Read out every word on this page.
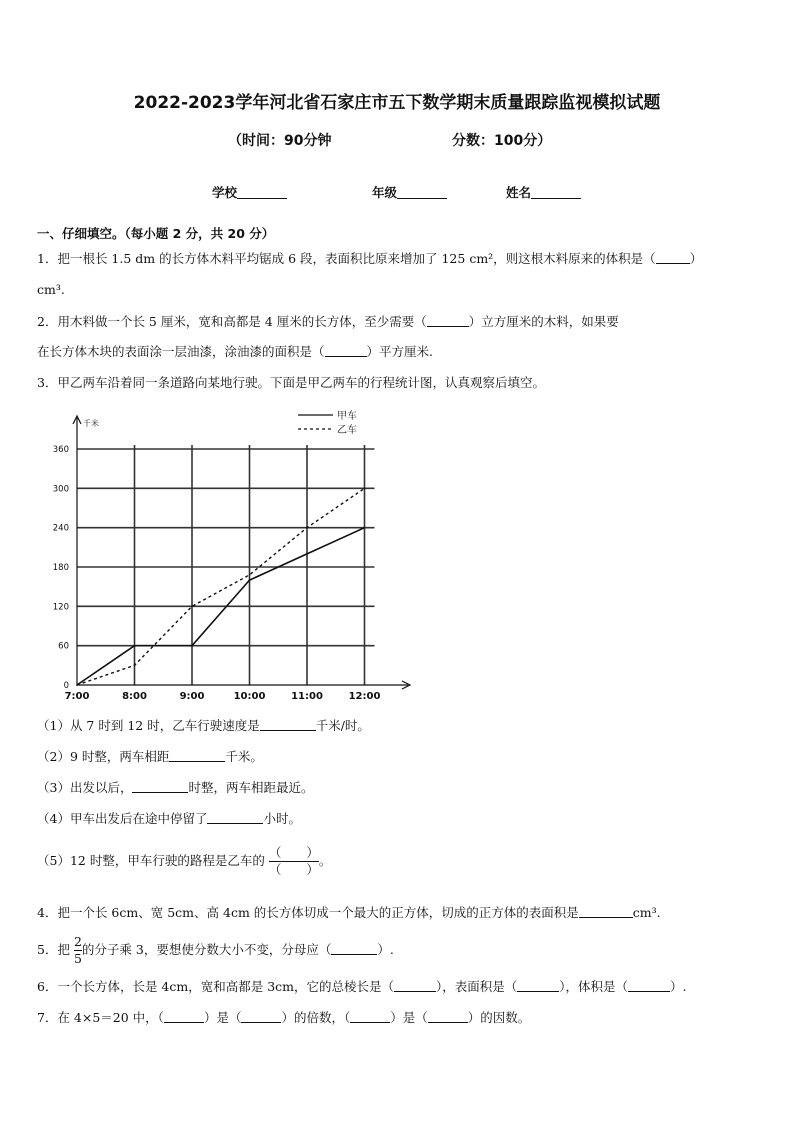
2022-2023学年河北省石家庄市五下数学期末质量跟踪监视模拟试题
（时间：90分钟	分数：100分）
学校	年级	姓名
一、仔细填空。（每小题 2 分，共 20 分）
1．把一根长 1.5 dm 的长方体木料平均锯成 6 段，表面积比原来增加了 125 cm²，则这根木料原来的体积是（	）
cm³.
2．用木料做一个长 5 厘米，宽和高都是 4 厘米的长方体，至少需要（	）立方厘米的木料，如果要
在长方体木块的表面涂一层油漆，涂油漆的面积是（	）平方厘米.
3．甲乙两车沿着同一条道路向某地行驶。下面是甲乙两车的行程统计图，认真观察后填空。
0
60
120
180
240
300
360
7:00	8:00	9:00	10:00	11:00	12:00
千米
甲车
乙车
（1）从 7 时到 12 时，乙车行驶速度是	千米/时。
（2）9 时整，两车相距	千米。
（3）出发以后，	时整，两车相距最近。
（4）甲车出发后在途中停留了	小时。
（5）12 时整，甲车行驶的路程是乙车的 $\frac{( )}{( )}$ 。
4．把一个长 6cm、宽 5cm、高 4cm 的长方体切成一个最大的正方体，切成的正方体的表面积是	cm³.
5．把 $\frac{2}{5}$ 的分子乘 3，要想使分数大小不变，分母应（	）.
6．一个长方体，长是 4cm，宽和高都是 3cm，它的总棱长是（	），表面积是（	），体积是（	）.
7．在 4×5＝20 中，（	）是（	）的倍数，（	）是（	）的因数。
